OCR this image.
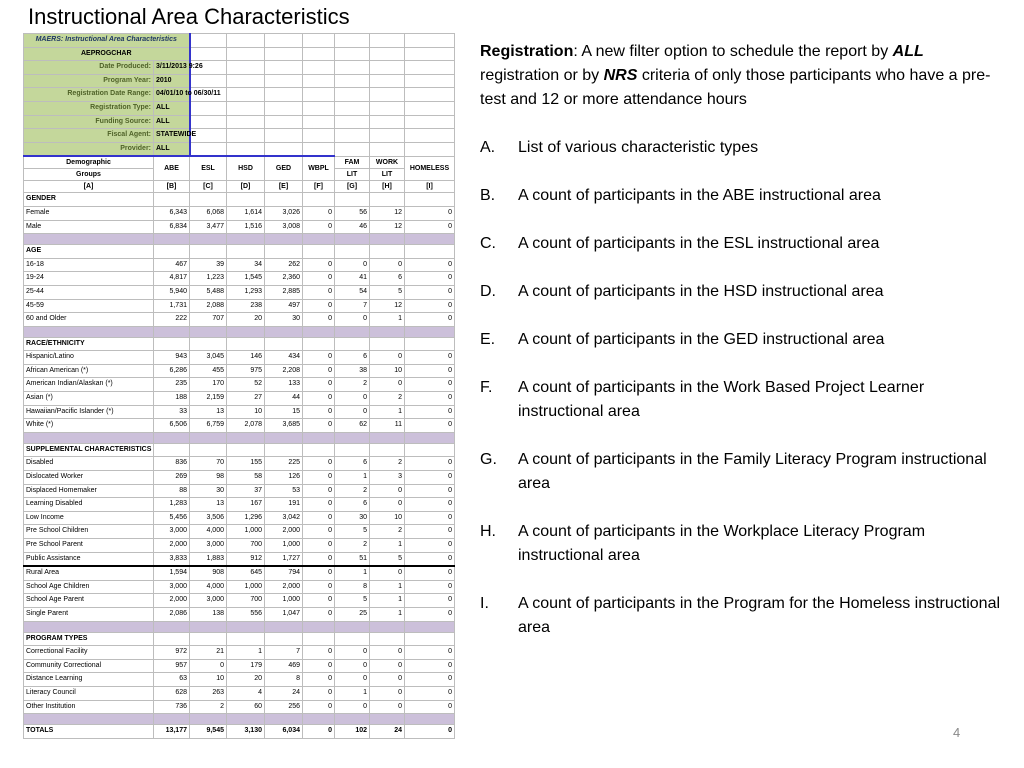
Instructional Area Characteristics
MAERS: Instructional Area Characteristics								
AEPROGCHAR								
Date Produced:	3/11/2013 9:26							
Program Year:	2010							
Registration Date Range:	04/01/10 to 06/30/11							
Registration Type:	ALL							
Funding Source:	ALL							
Fiscal Agent:	STATEWIDE							
Provider:	ALL							
Demographic	ABE	ESL	HSD	GED	WBPL	FAM	WORK	HOMELESS
Groups						LIT	LIT	
[A]	[B]	[C]	[D]	[E]	[F]	[G]	[H]	[I]
GENDER								
Female	6,343	6,068	1,614	3,026	0	56	12	0
Male	6,834	3,477	1,516	3,008	0	46	12	0

AGE								
16-18	467	39	34	262	0	0	0	0
19-24	4,817	1,223	1,545	2,360	0	41	6	0
25-44	5,940	5,488	1,293	2,885	0	54	5	0
45-59	1,731	2,088	238	497	0	7	12	0
60 and Older	222	707	20	30	0	0	1	0

RACE/ETHNICITY								
Hispanic/Latino	943	3,045	146	434	0	6	0	0
African American (*)	6,286	455	975	2,208	0	38	10	0
American Indian/Alaskan (*)	235	170	52	133	0	2	0	0
Asian (*)	188	2,159	27	44	0	0	2	0
Hawaiian/Pacific Islander (*)	33	13	10	15	0	0	1	0
White (*)	6,506	6,759	2,078	3,685	0	62	11	0

SUPPLEMENTAL CHARACTERISTICS								
Disabled	836	70	155	225	0	6	2	0
Dislocated Worker	269	98	58	126	0	1	3	0
Displaced Homemaker	88	30	37	53	0	2	0	0
Learning Disabled	1,283	13	167	191	0	6	0	0
Low Income	5,456	3,506	1,296	3,042	0	30	10	0
Pre School Children	3,000	4,000	1,000	2,000	0	5	2	0
Pre School Parent	2,000	3,000	700	1,000	0	2	1	0
Public Assistance	3,833	1,883	912	1,727	0	51	5	0
Rural Area	1,594	908	645	794	0	1	0	0
School Age Children	3,000	4,000	1,000	2,000	0	8	1	0
School Age Parent	2,000	3,000	700	1,000	0	5	1	0
Single Parent	2,086	138	556	1,047	0	25	1	0

PROGRAM TYPES								
Correctional Facility	972	21	1	7	0	0	0	0
Community Correctional	957	0	179	469	0	0	0	0
Distance Learning	63	10	20	8	0	0	0	0
Literacy Council	628	263	4	24	0	1	0	0
Other Institution	736	2	60	256	0	0	0	0

TOTALS	13,177	9,545	3,130	6,034	0	102	24	0

Registration: A new filter option to schedule the report by ALL registration or by NRS criteria of only those participants who have a pre-test and 12 or more attendance hours

A. List of various characteristic types
B. A count of participants in the ABE instructional area
C. A count of participants in the ESL instructional area
D. A count of participants in the HSD instructional area
E. A count of participants in the GED instructional area
F. A count of participants in the Work Based Project Learner instructional area
G. A count of participants in the Family Literacy Program instructional area
H. A count of participants in the Workplace Literacy Program instructional area
I. A count of participants in the Program for the Homeless instructional area
4
